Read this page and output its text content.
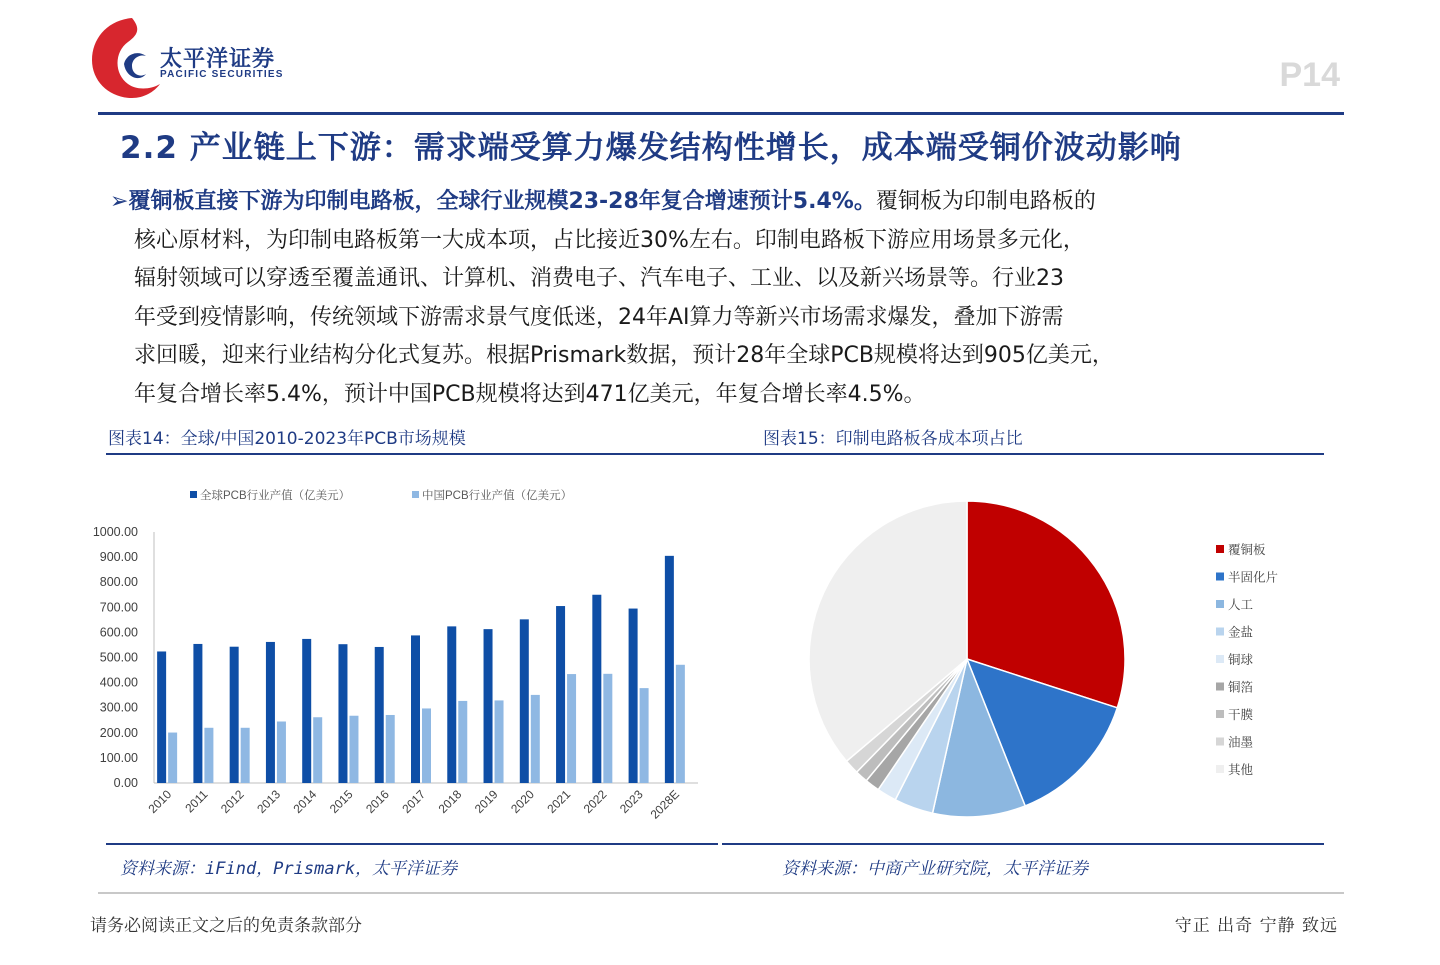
太平洋证券
PACIFIC SECURITIES	P14
2.2 产业链上下游：需求端受算力爆发结构性增长，成本端受铜价波动影响
➢覆铜板直接下游为印制电路板，全球行业规模23-28年复合增速预计5.4%。覆铜板为印制电路板的
核心原材料，为印制电路板第一大成本项，占比接近30%左右。印制电路板下游应用场景多元化，
辐射领域可以穿透至覆盖通讯、计算机、消费电子、汽车电子、工业、以及新兴场景等。行业23
年受到疫情影响，传统领域下游需求景气度低迷，24年AI算力等新兴市场需求爆发，叠加下游需
求回暖，迎来行业结构分化式复苏。根据Prismark数据，预计28年全球PCB规模将达到905亿美元，
年复合增长率5.4%，预计中国PCB规模将达到471亿美元，年复合增长率4.5%。
图表14：全球/中国2010-2023年PCB市场规模	图表15：印制电路板各成本项占比
全球PCB行业产值（亿美元）	中国PCB行业产值（亿美元）
0.00
100.00
200.00
300.00
400.00
500.00
600.00
700.00
800.00
900.00
1000.00
2010 2011 2012 2013 2014 2015 2016 2017 2018 2019 2020 2021 2022 2023 2028E
覆铜板
半固化片
人工
金盐
铜球
铜箔
干膜
油墨
其他
资料来源：iFind，Prismark，太平洋证券	资料来源：中商产业研究院，太平洋证券
请务必阅读正文之后的免责条款部分	守正 出奇 宁静 致远
